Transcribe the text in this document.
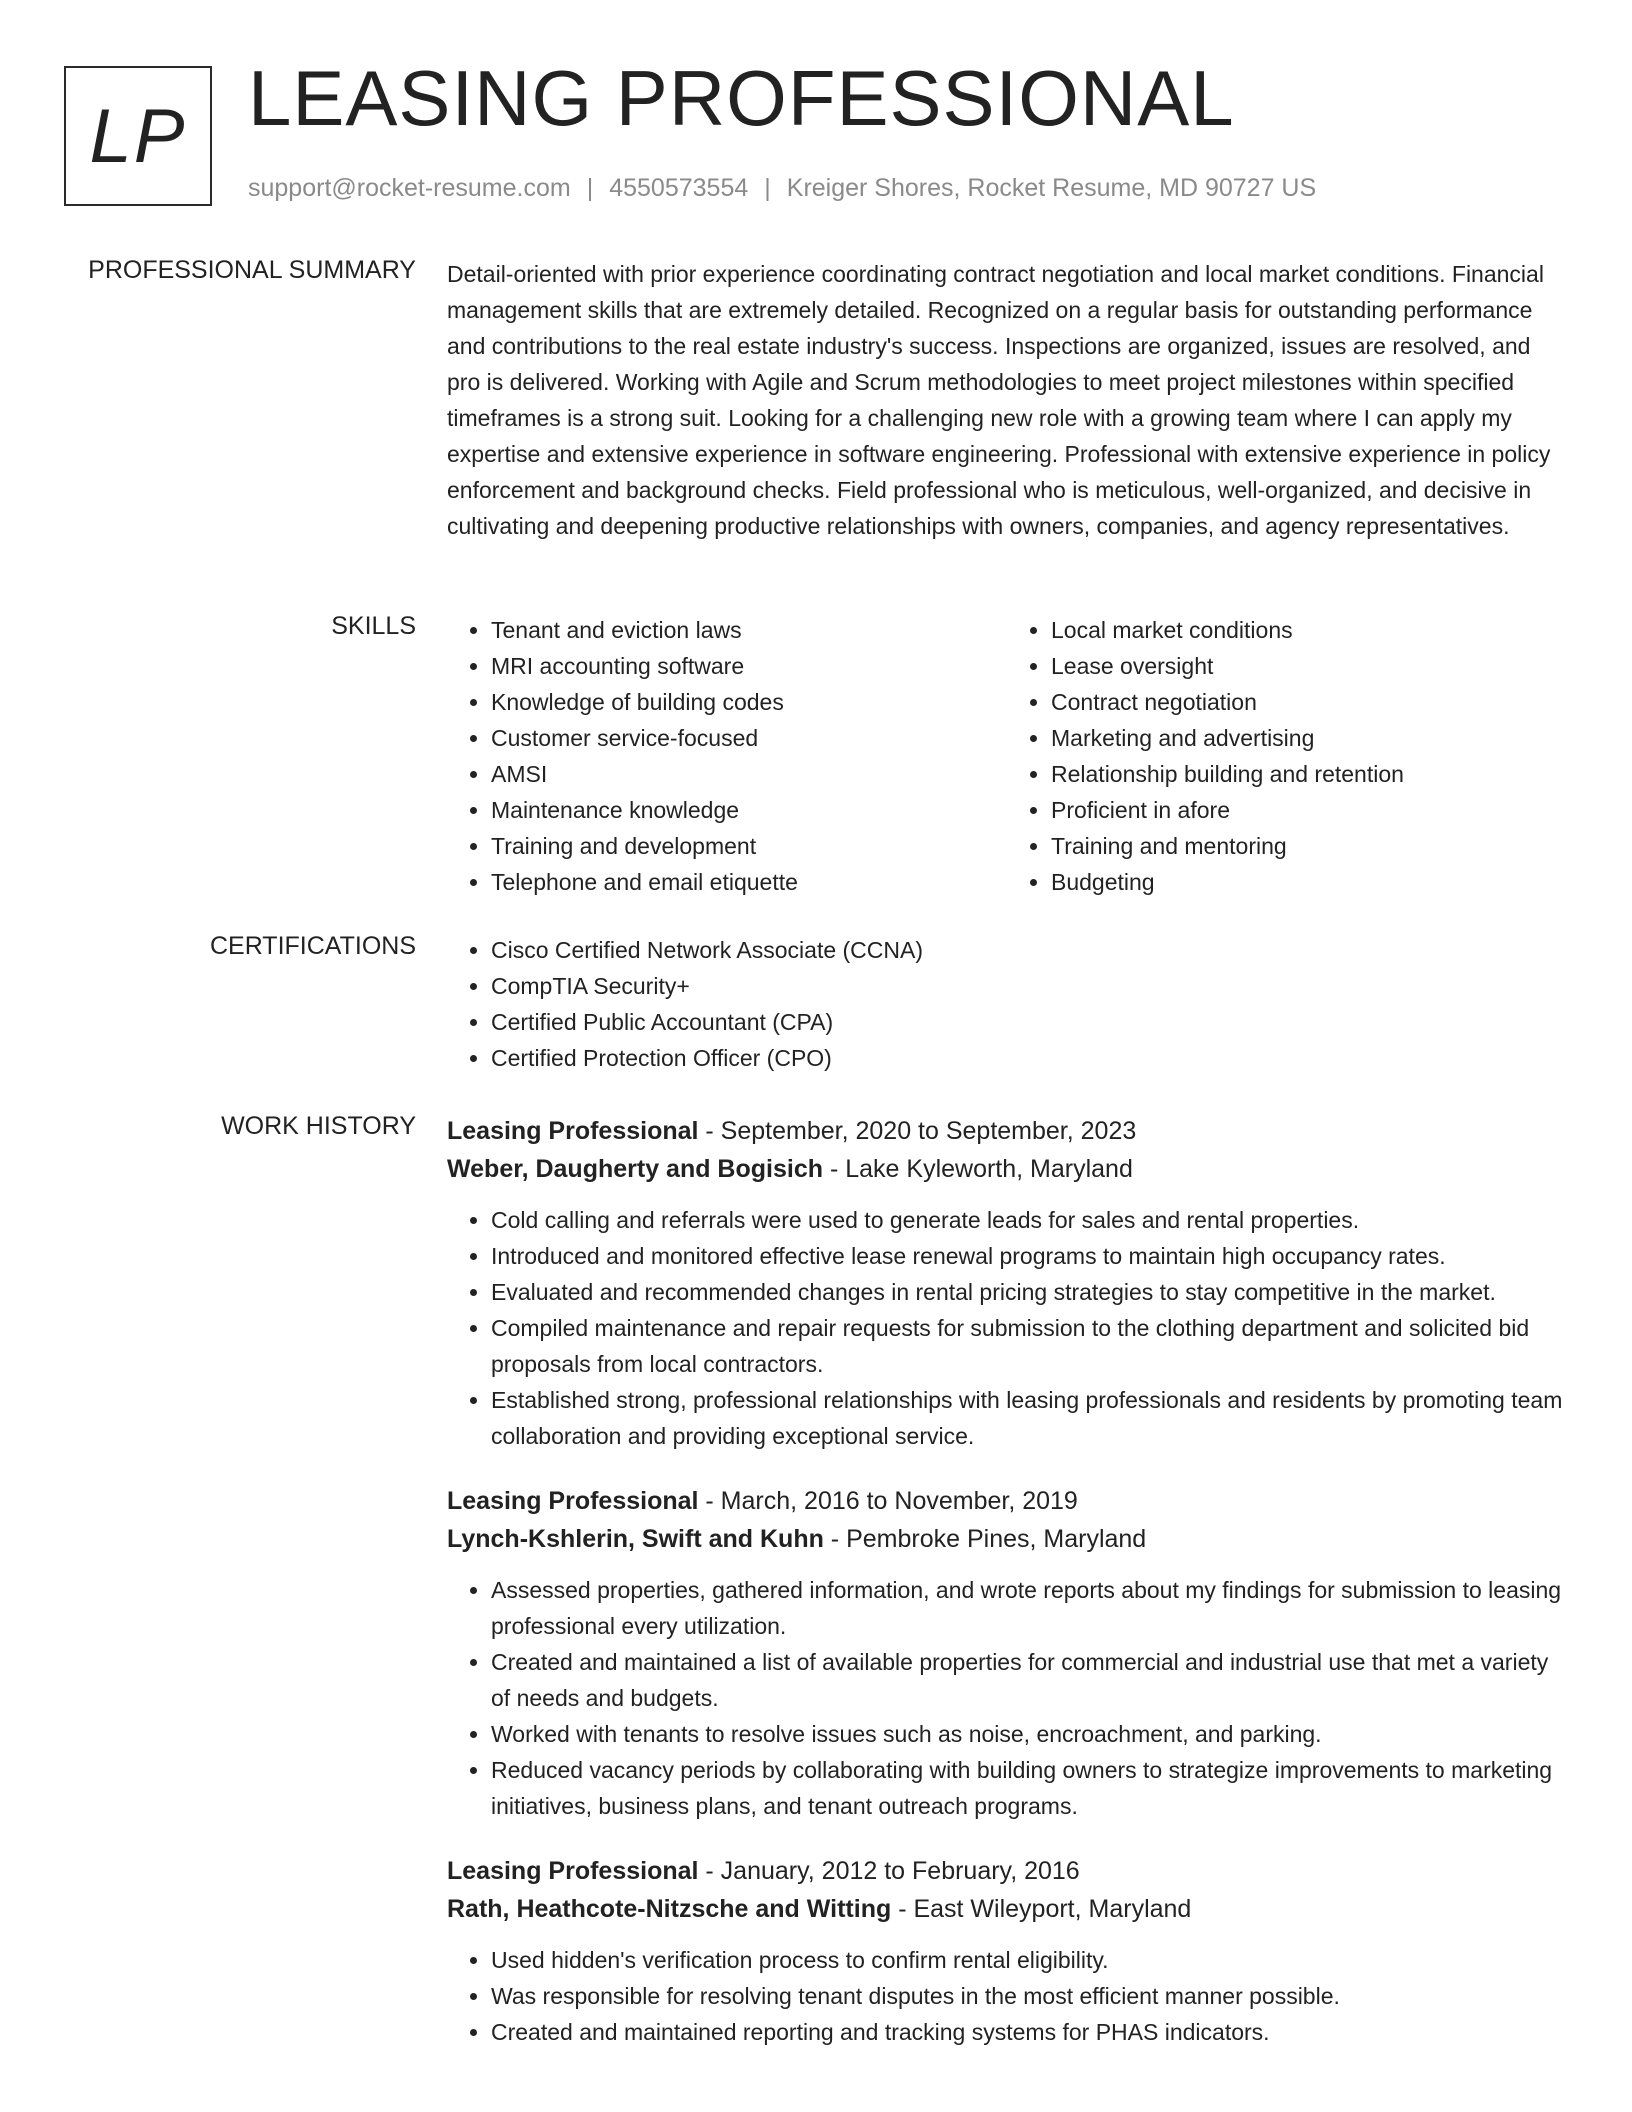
LP LEASING PROFESSIONAL
support@rocket-resume.com | 4550573554 | Kreiger Shores, Rocket Resume, MD 90727 US
PROFESSIONAL SUMMARY Detail-oriented with prior experience coordinating contract negotiation and local market conditions. Financial management skills that are extremely detailed. Recognized on a regular basis for outstanding performance and contributions to the real estate industry's success. Inspections are organized, issues are resolved, and pro is delivered. Working with Agile and Scrum methodologies to meet project milestones within specified timeframes is a strong suit. Looking for a challenging new role with a growing team where I can apply my expertise and extensive experience in software engineering. Professional with extensive experience in policy enforcement and background checks. Field professional who is meticulous, well-organized, and decisive in cultivating and deepening productive relationships with owners, companies, and agency representatives.

SKILLS	• Tenant and eviction laws
• MRI accounting software
• Knowledge of building codes
• Customer service-focused
• AMSI
• Maintenance knowledge
• Training and development
• Telephone and email etiquette
• Local market conditions
• Lease oversight
• Contract negotiation
• Marketing and advertising
• Relationship building and retention
• Proficient in afore
• Training and mentoring
• Budgeting
CERTIFICATIONS	• Cisco Certified Network Associate (CCNA)
• CompTIA Security+
• Certified Public Accountant (CPA)
• Certified Protection Officer (CPO)
WORK HISTORY Leasing Professional - September, 2020 to September, 2023
Weber, Daugherty and Bogisich - Lake Kyleworth, Maryland
• Cold calling and referrals were used to generate leads for sales and rental properties.
• Introduced and monitored effective lease renewal programs to maintain high occupancy rates.
• Evaluated and recommended changes in rental pricing strategies to stay competitive in the market.
• Compiled maintenance and repair requests for submission to the clothing department and solicited bid proposals from local contractors.
• Established strong, professional relationships with leasing professionals and residents by promoting team collaboration and providing exceptional service.
Leasing Professional - March, 2016 to November, 2019
Lynch-Kshlerin, Swift and Kuhn - Pembroke Pines, Maryland
• Assessed properties, gathered information, and wrote reports about my findings for submission to leasing professional every utilization.
• Created and maintained a list of available properties for commercial and industrial use that met a variety of needs and budgets.
• Worked with tenants to resolve issues such as noise, encroachment, and parking.
• Reduced vacancy periods by collaborating with building owners to strategize improvements to marketing initiatives, business plans, and tenant outreach programs.
Leasing Professional - January, 2012 to February, 2016
Rath, Heathcote-Nitzsche and Witting - East Wileyport, Maryland
• Used hidden's verification process to confirm rental eligibility.
• Was responsible for resolving tenant disputes in the most efficient manner possible.
• Created and maintained reporting and tracking systems for PHAS indicators.
